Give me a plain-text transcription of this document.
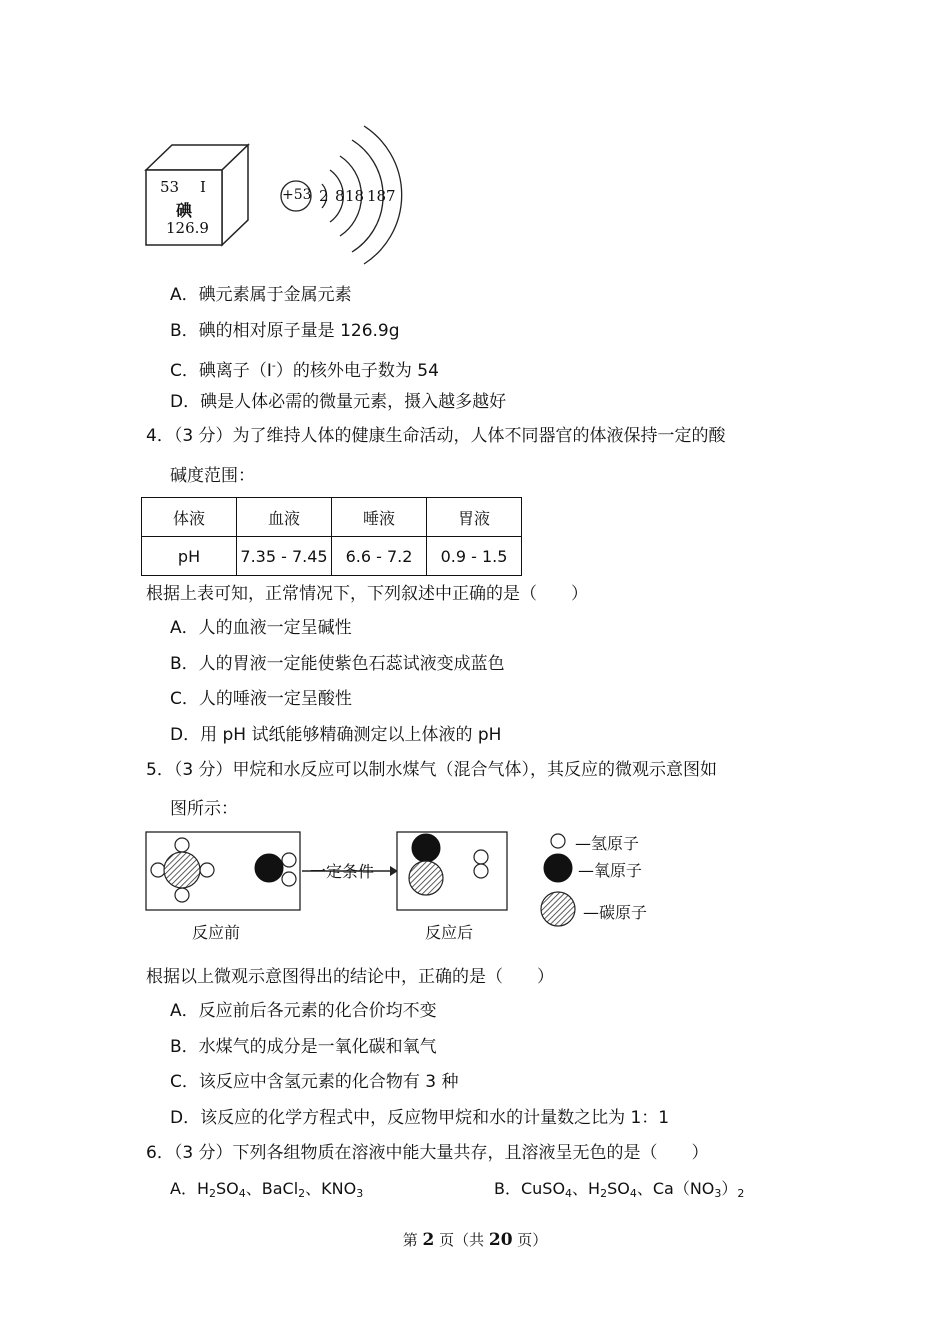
53 I
碘
126.9
+53 2 8 18 18 7
A．碘元素属于金属元素
B．碘的相对原子量是 126.9g
C．碘离子（I-）的核外电子数为 54
D．碘是人体必需的微量元素，摄入越多越好
4．（3 分）为了维持人体的健康生命活动，人体不同器官的体液保持一定的酸
碱度范围：
体液	血液	唾液	胃液
pH	7.35 - 7.45	6.6 - 7.2	0.9 - 1.5
根据上表可知，正常情况下，下列叙述中正确的是（　　）
A．人的血液一定呈碱性
B．人的胃液一定能使紫色石蕊试液变成蓝色
C．人的唾液一定呈酸性
D．用 pH 试纸能够精确测定以上体液的 pH
5．（3 分）甲烷和水反应可以制水煤气（混合气体），其反应的微观示意图如
图所示：
一定条件
反应前	反应后
—氢原子
—氧原子
—碳原子
根据以上微观示意图得出的结论中，正确的是（　　）
A．反应前后各元素的化合价均不变
B．水煤气的成分是一氧化碳和氧气
C．该反应中含氢元素的化合物有 3 种
D．该反应的化学方程式中，反应物甲烷和水的计量数之比为 1：1
6．（3 分）下列各组物质在溶液中能大量共存，且溶液呈无色的是（　　）
A．$H_2SO_4$、BaCl$_2$、$KNO_3$	B．CuSO$_4$、$H_2SO_4$、$Ca(NO_3)_2$
第 2 页（共 20 页）
